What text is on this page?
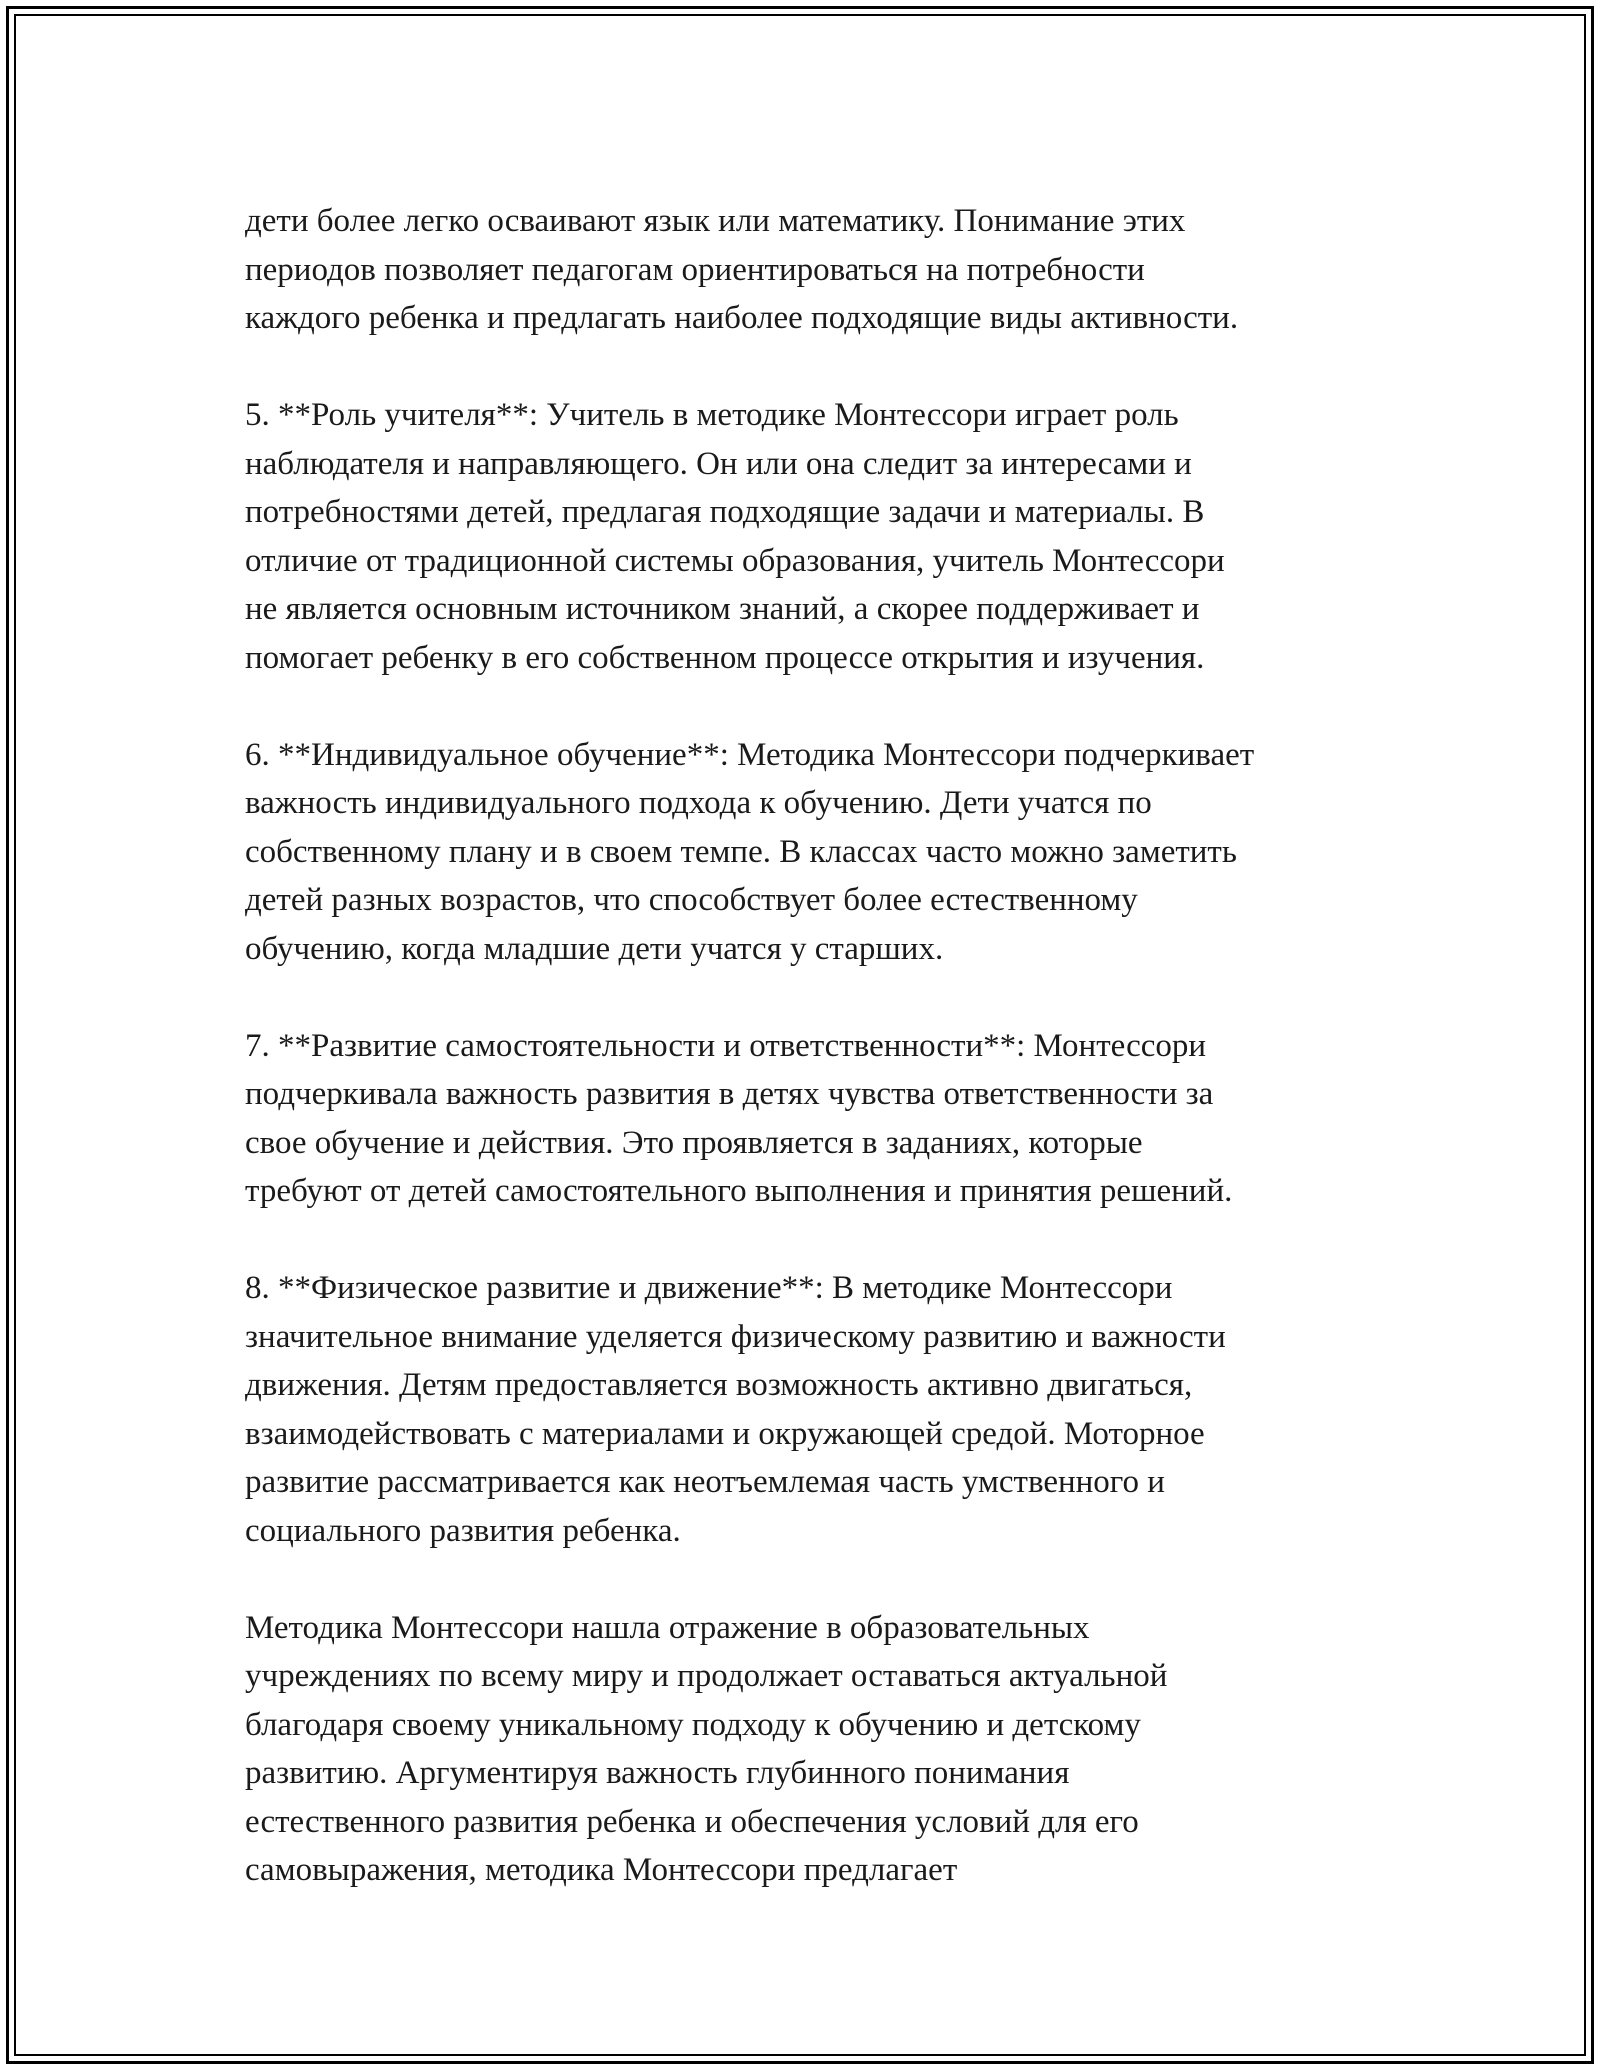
дети более легко осваивают язык или математику. Понимание этих
периодов позволяет педагогам ориентироваться на потребности
каждого ребенка и предлагать наиболее подходящие виды активности.
5. **Роль учителя**: Учитель в методике Монтессори играет роль
наблюдателя и направляющего. Он или она следит за интересами и
потребностями детей, предлагая подходящие задачи и материалы. В
отличие от традиционной системы образования, учитель Монтессори
не является основным источником знаний, а скорее поддерживает и
помогает ребенку в его собственном процессе открытия и изучения.
6. **Индивидуальное обучение**: Методика Монтессори подчеркивает
важность индивидуального подхода к обучению. Дети учатся по
собственному плану и в своем темпе. В классах часто можно заметить
детей разных возрастов, что способствует более естественному
обучению, когда младшие дети учатся у старших.
7. **Развитие самостоятельности и ответственности**: Монтессори
подчеркивала важность развития в детях чувства ответственности за
свое обучение и действия. Это проявляется в заданиях, которые
требуют от детей самостоятельного выполнения и принятия решений.
8. **Физическое развитие и движение**: В методике Монтессори
значительное внимание уделяется физическому развитию и важности
движения. Детям предоставляется возможность активно двигаться,
взаимодействовать с материалами и окружающей средой. Моторное
развитие рассматривается как неотъемлемая часть умственного и
социального развития ребенка.
Методика Монтессори нашла отражение в образовательных
учреждениях по всему миру и продолжает оставаться актуальной
благодаря своему уникальному подходу к обучению и детскому
развитию. Аргументируя важность глубинного понимания
естественного развития ребенка и обеспечения условий для его
самовыражения, методика Монтессори предлагает
